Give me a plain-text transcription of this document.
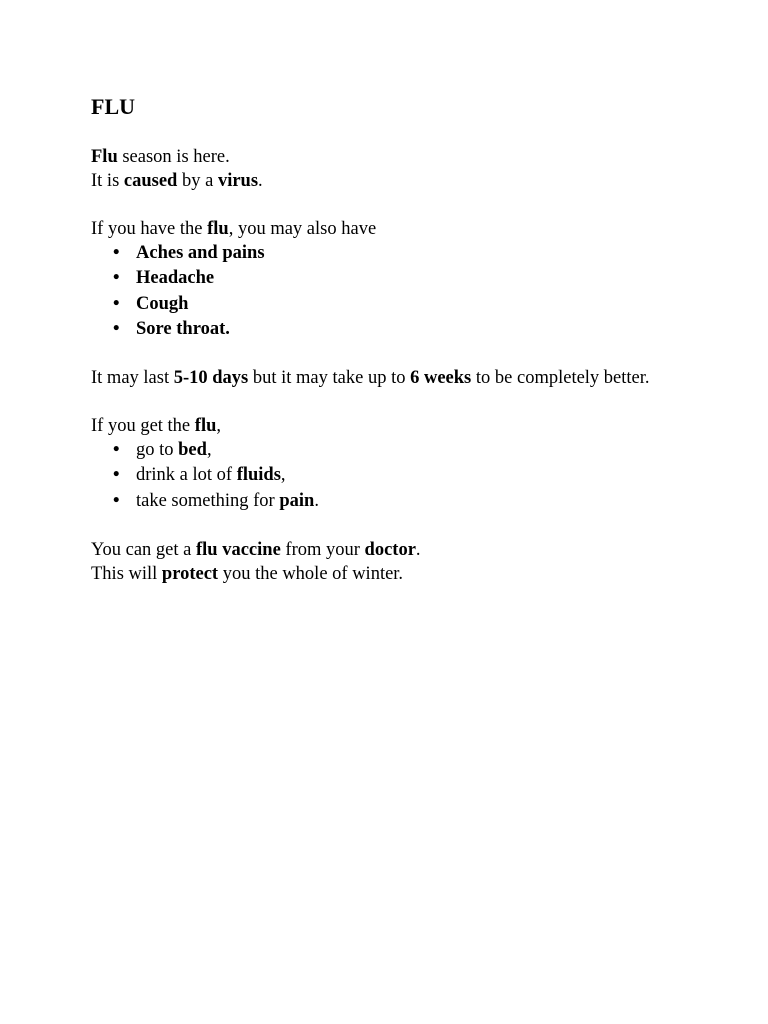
FLU

Flu season is here.

It is caused by a virus.

If you have the flu, you may also have

• Aches and pains
• Headache
• Cough
• Sore throat.

It may last 5-10 days but it may take up to 6 weeks to be completely better.

If you get the flu,

• go to bed,
• drink a lot of fluids,
• take something for pain.

You can get a flu vaccine from your doctor.

This will protect you the whole of winter.
